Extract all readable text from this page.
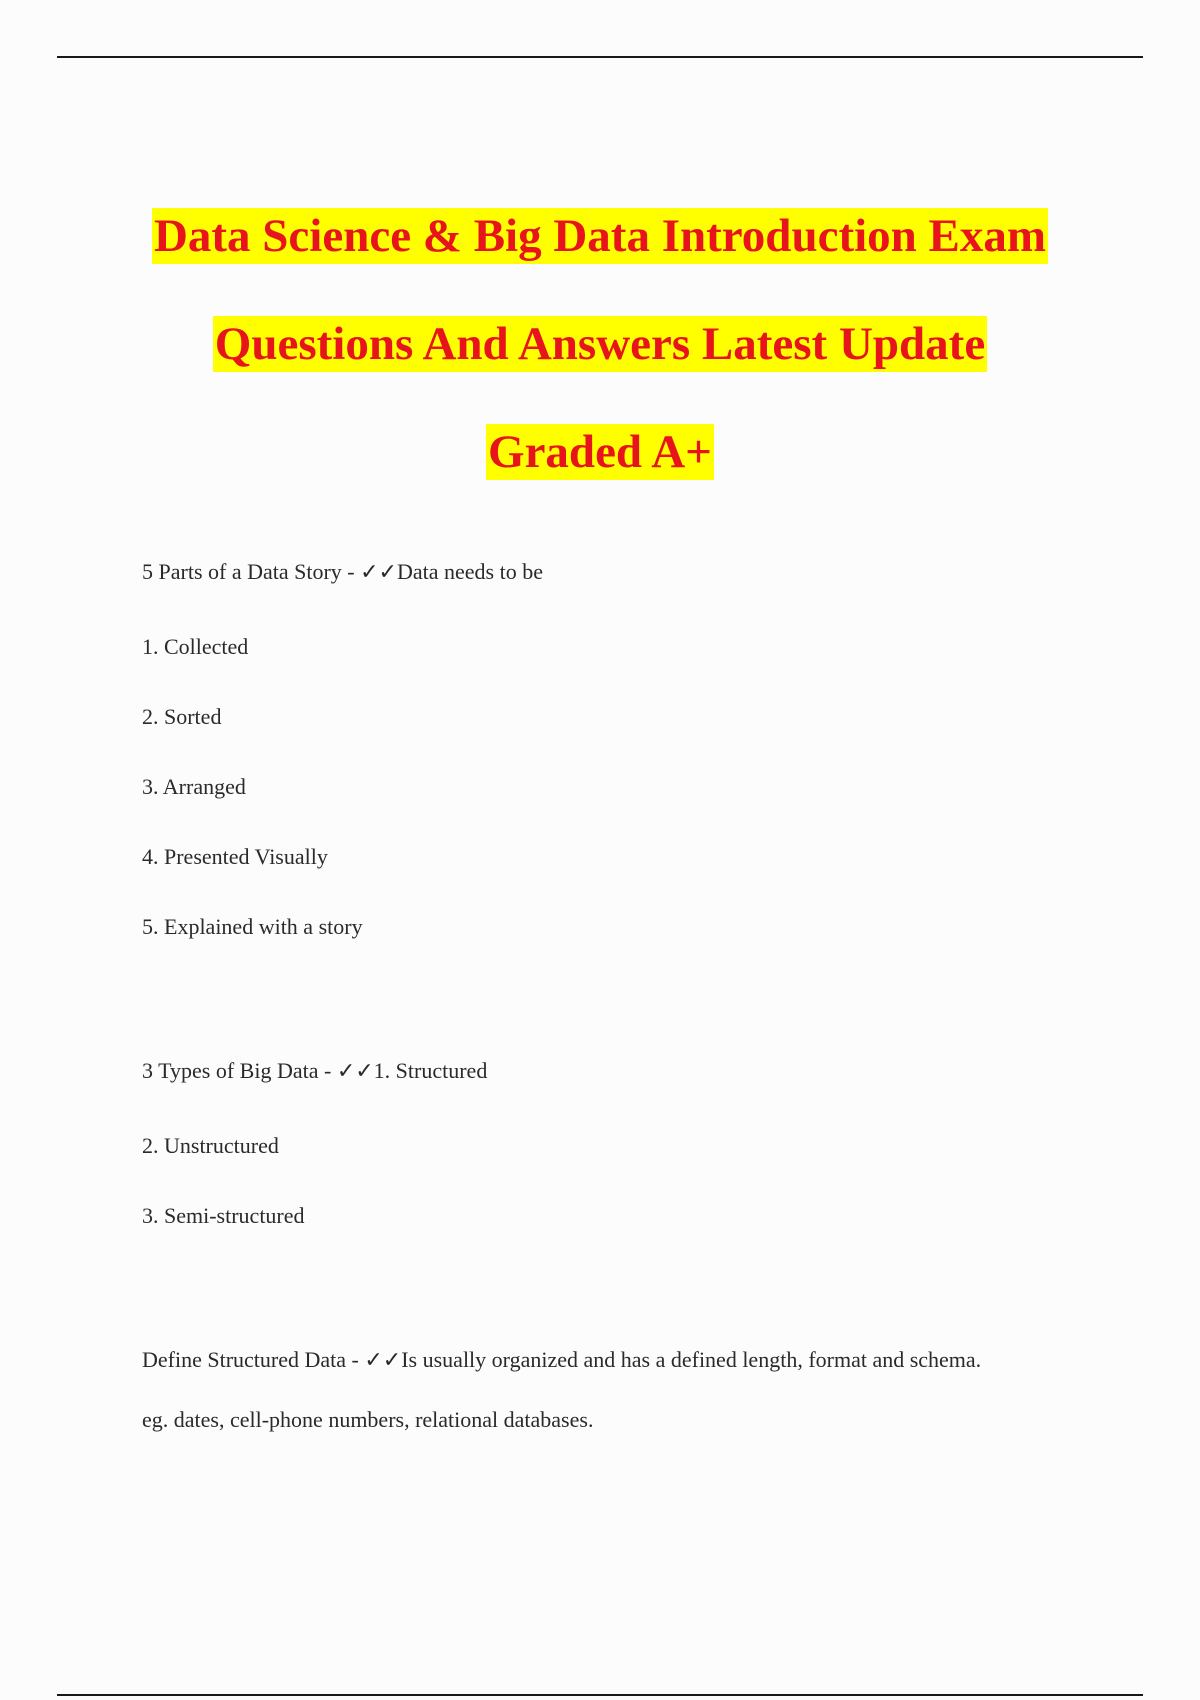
Data Science & Big Data Introduction Exam
Questions And Answers Latest Update
Graded A+
5 Parts of a Data Story - ✓✓Data needs to be
1. Collected
2. Sorted
3. Arranged
4. Presented Visually
5. Explained with a story
3 Types of Big Data - ✓✓1. Structured
2. Unstructured
3. Semi-structured
Define Structured Data - ✓✓Is usually organized and has a defined length, format and schema.
eg. dates, cell-phone numbers, relational databases.
